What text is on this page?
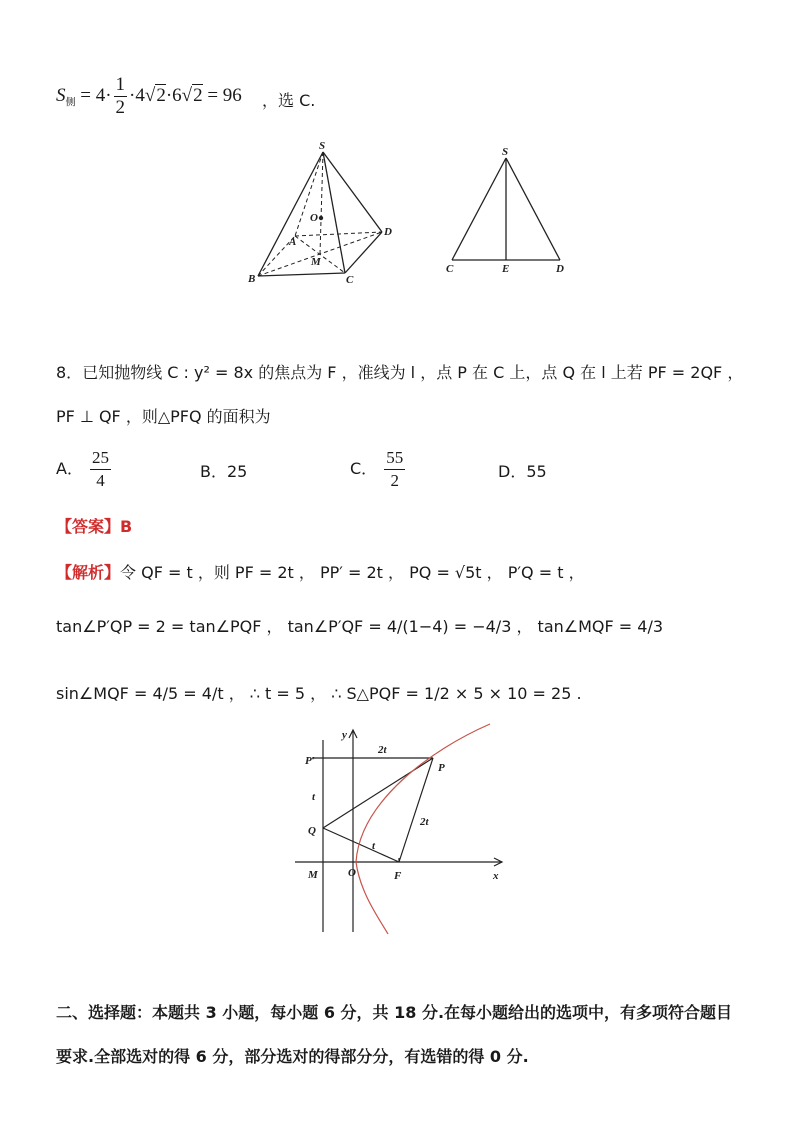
$S_侧 = 4\cdot \frac{1}{2} \cdot 4√2\cdot 6√2 = 96$ ，选 C.
S
O
A
D
M
B	C
S
C	E	D
8．已知抛物线 C : y² = 8x 的焦点为 F ，准线为 l ，点 P 在 C 上，点 Q 在 l 上若 PF = 2QF ，
PF ⊥ QF ，则△PFQ 的面积为
A． $\frac{25}{4}$	B．25	C． $\frac{55}{2}$	D．55
【答案】B
【解析】令 QF = t ，则 PF = 2t ， PP′ = 2t ， PQ = √5t ， P′Q = t ，
tan∠P′QP = 2 = tan∠PQF ， tan∠P′QF = 4/(1−4) = −4/3 ， tan∠MQF = 4/3
sin∠MQF = 4/5 = 4/t ， ∴ t = 5 ， ∴ S△PQF = 1/2 × 5 × 10 = 25 .
y
P′
2t
P
t
Q
2t
t
M	O	F	x
二、选择题：本题共 3 小题，每小题 6 分，共 18 分.在每小题给出的选项中，有多项符合题目
要求.全部选对的得 6 分，部分选对的得部分分，有选错的得 0 分.
